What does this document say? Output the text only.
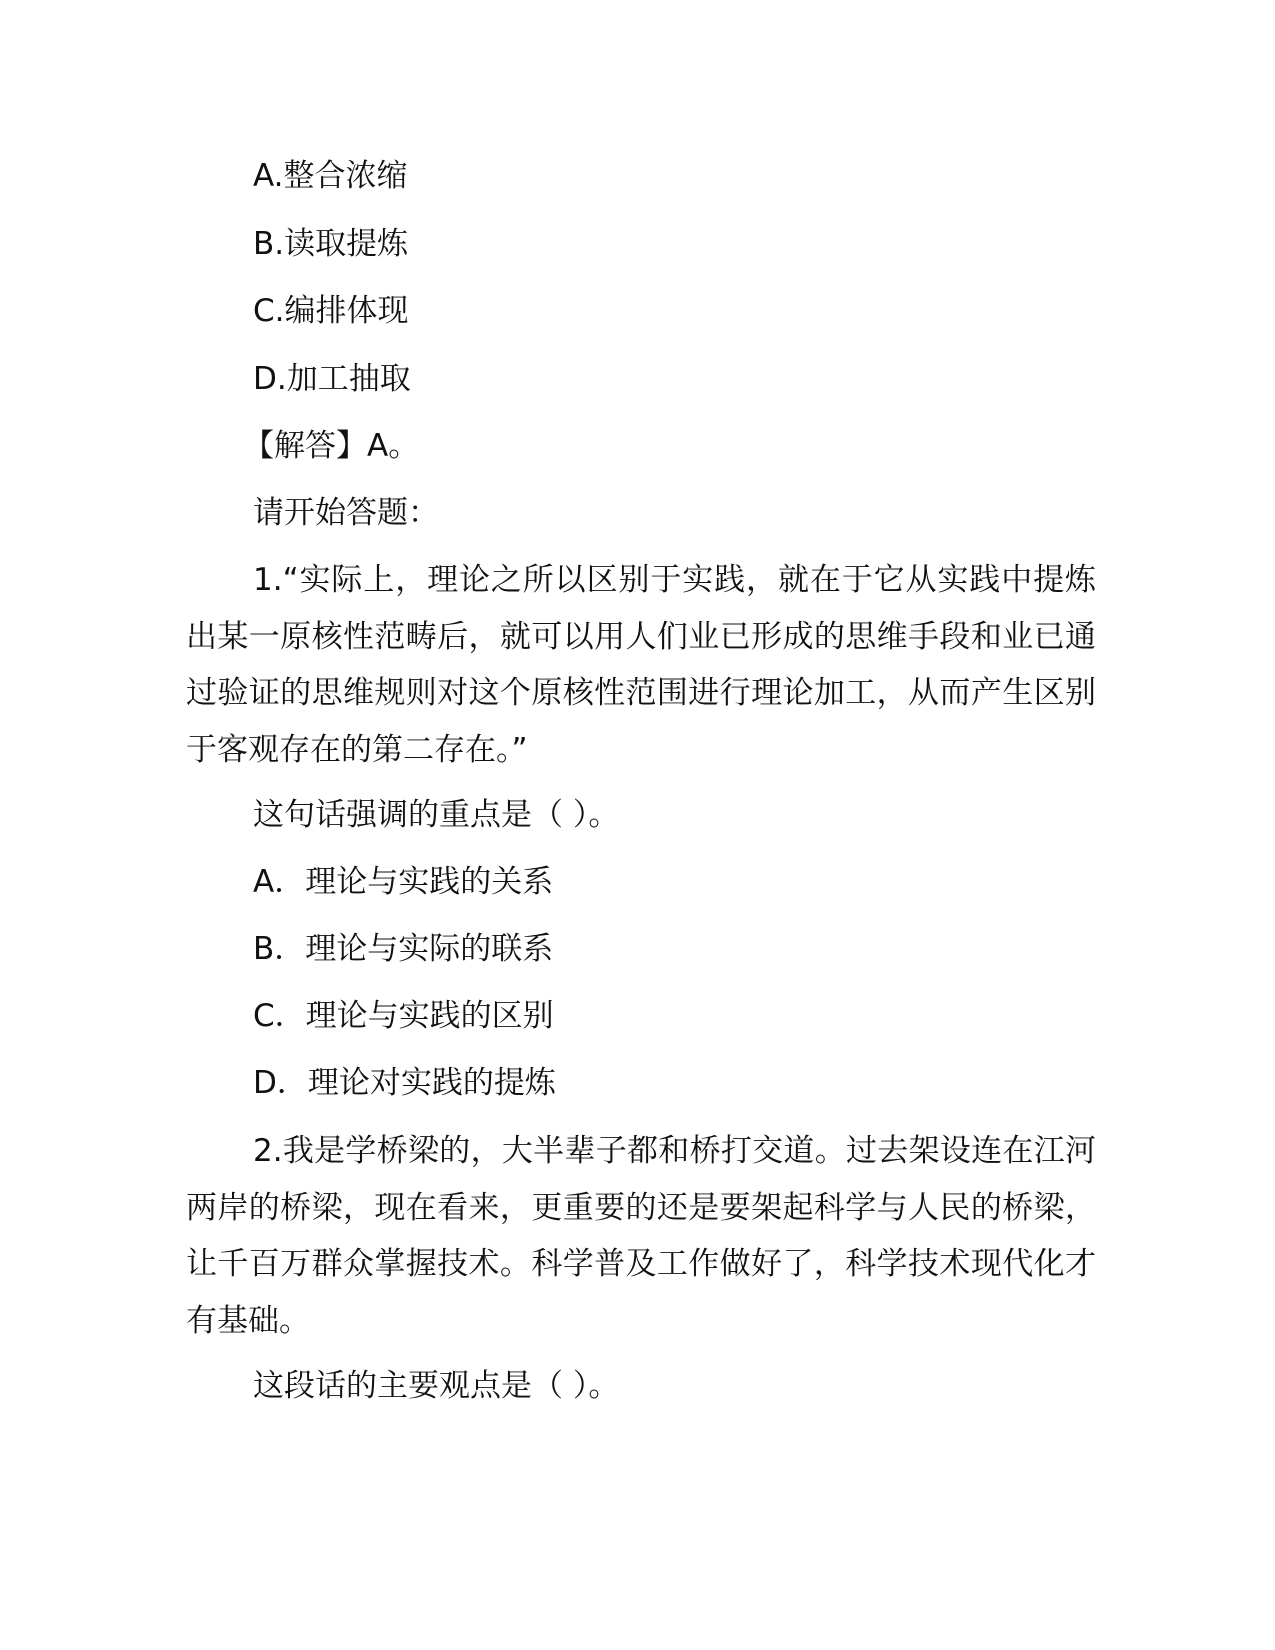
A.整合浓缩
B.读取提炼
C.编排体现
D.加工抽取
【解答】A。
请开始答题：

1.“实际上，理论之所以区别于实践，就在于它从实践中提炼出某一原核性范畴后，就可以用人们业已形成的思维手段和业已通过验证的思维规则对这个原核性范围进行理论加工，从而产生区别于客观存在的第二存在。”

这句话强调的重点是（ ）。
A．理论与实践的关系
B．理论与实际的联系
C．理论与实践的区别
D．理论对实践的提炼

2.我是学桥梁的，大半辈子都和桥打交道。过去架设连在江河两岸的桥梁，现在看来，更重要的还是要架起科学与人民的桥梁，让千百万群众掌握技术。科学普及工作做好了，科学技术现代化才有基础。

这段话的主要观点是（ ）。
